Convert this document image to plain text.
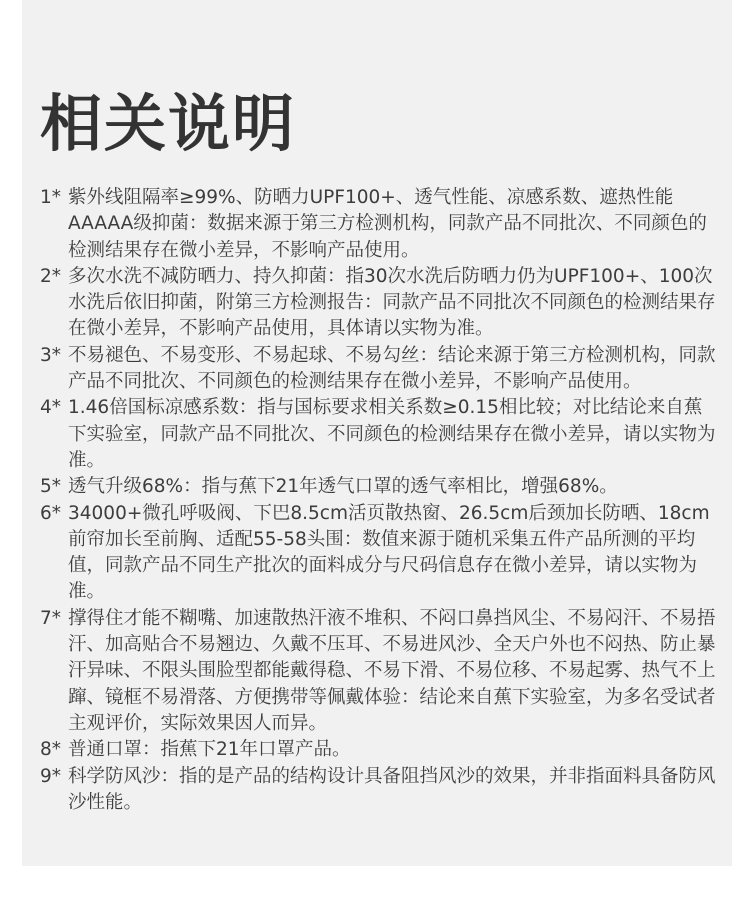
相关说明
1* 紫外线阻隔率≥99%、防晒力UPF100+、透气性能、凉感系数、遮热性能AAAAA级抑菌：数据来源于第三方检测机构，同款产品不同批次、不同颜色的检测结果存在微小差异，不影响产品使用。
2* 多次水洗不减防晒力、持久抑菌：指30次水洗后防晒力仍为UPF100+、100次水洗后依旧抑菌，附第三方检测报告：同款产品不同批次不同颜色的检测结果存在微小差异，不影响产品使用，具体请以实物为准。
3* 不易褪色、不易变形、不易起球、不易勾丝：结论来源于第三方检测机构，同款产品不同批次、不同颜色的检测结果存在微小差异，不影响产品使用。
4* 1.46倍国标凉感系数：指与国标要求相关系数≥0.15相比较；对比结论来自蕉下实验室，同款产品不同批次、不同颜色的检测结果存在微小差异，请以实物为准。
5* 透气升级68%：指与蕉下21年透气口罩的透气率相比，增强68%。
6* 34000+微孔呼吸阀、下巴8.5cm活页散热窗、26.5cm后颈加长防晒、18cm前帘加长至前胸、适配55-58头围：数值来源于随机采集五件产品所测的平均值，同款产品不同生产批次的面料成分与尺码信息存在微小差异，请以实物为准。
7* 撑得住才能不糊嘴、加速散热汗液不堆积、不闷口鼻挡风尘、不易闷汗、不易捂汗、加高贴合不易翘边、久戴不压耳、不易进风沙、全天户外也不闷热、防止暴汗异味、不限头围脸型都能戴得稳、不易下滑、不易位移、不易起雾、热气不上蹿、镜框不易滑落、方便携带等佩戴体验：结论来自蕉下实验室，为多名受试者主观评价，实际效果因人而异。
8* 普通口罩：指蕉下21年口罩产品。
9* 科学防风沙：指的是产品的结构设计具备阻挡风沙的效果，并非指面料具备防风沙性能。
